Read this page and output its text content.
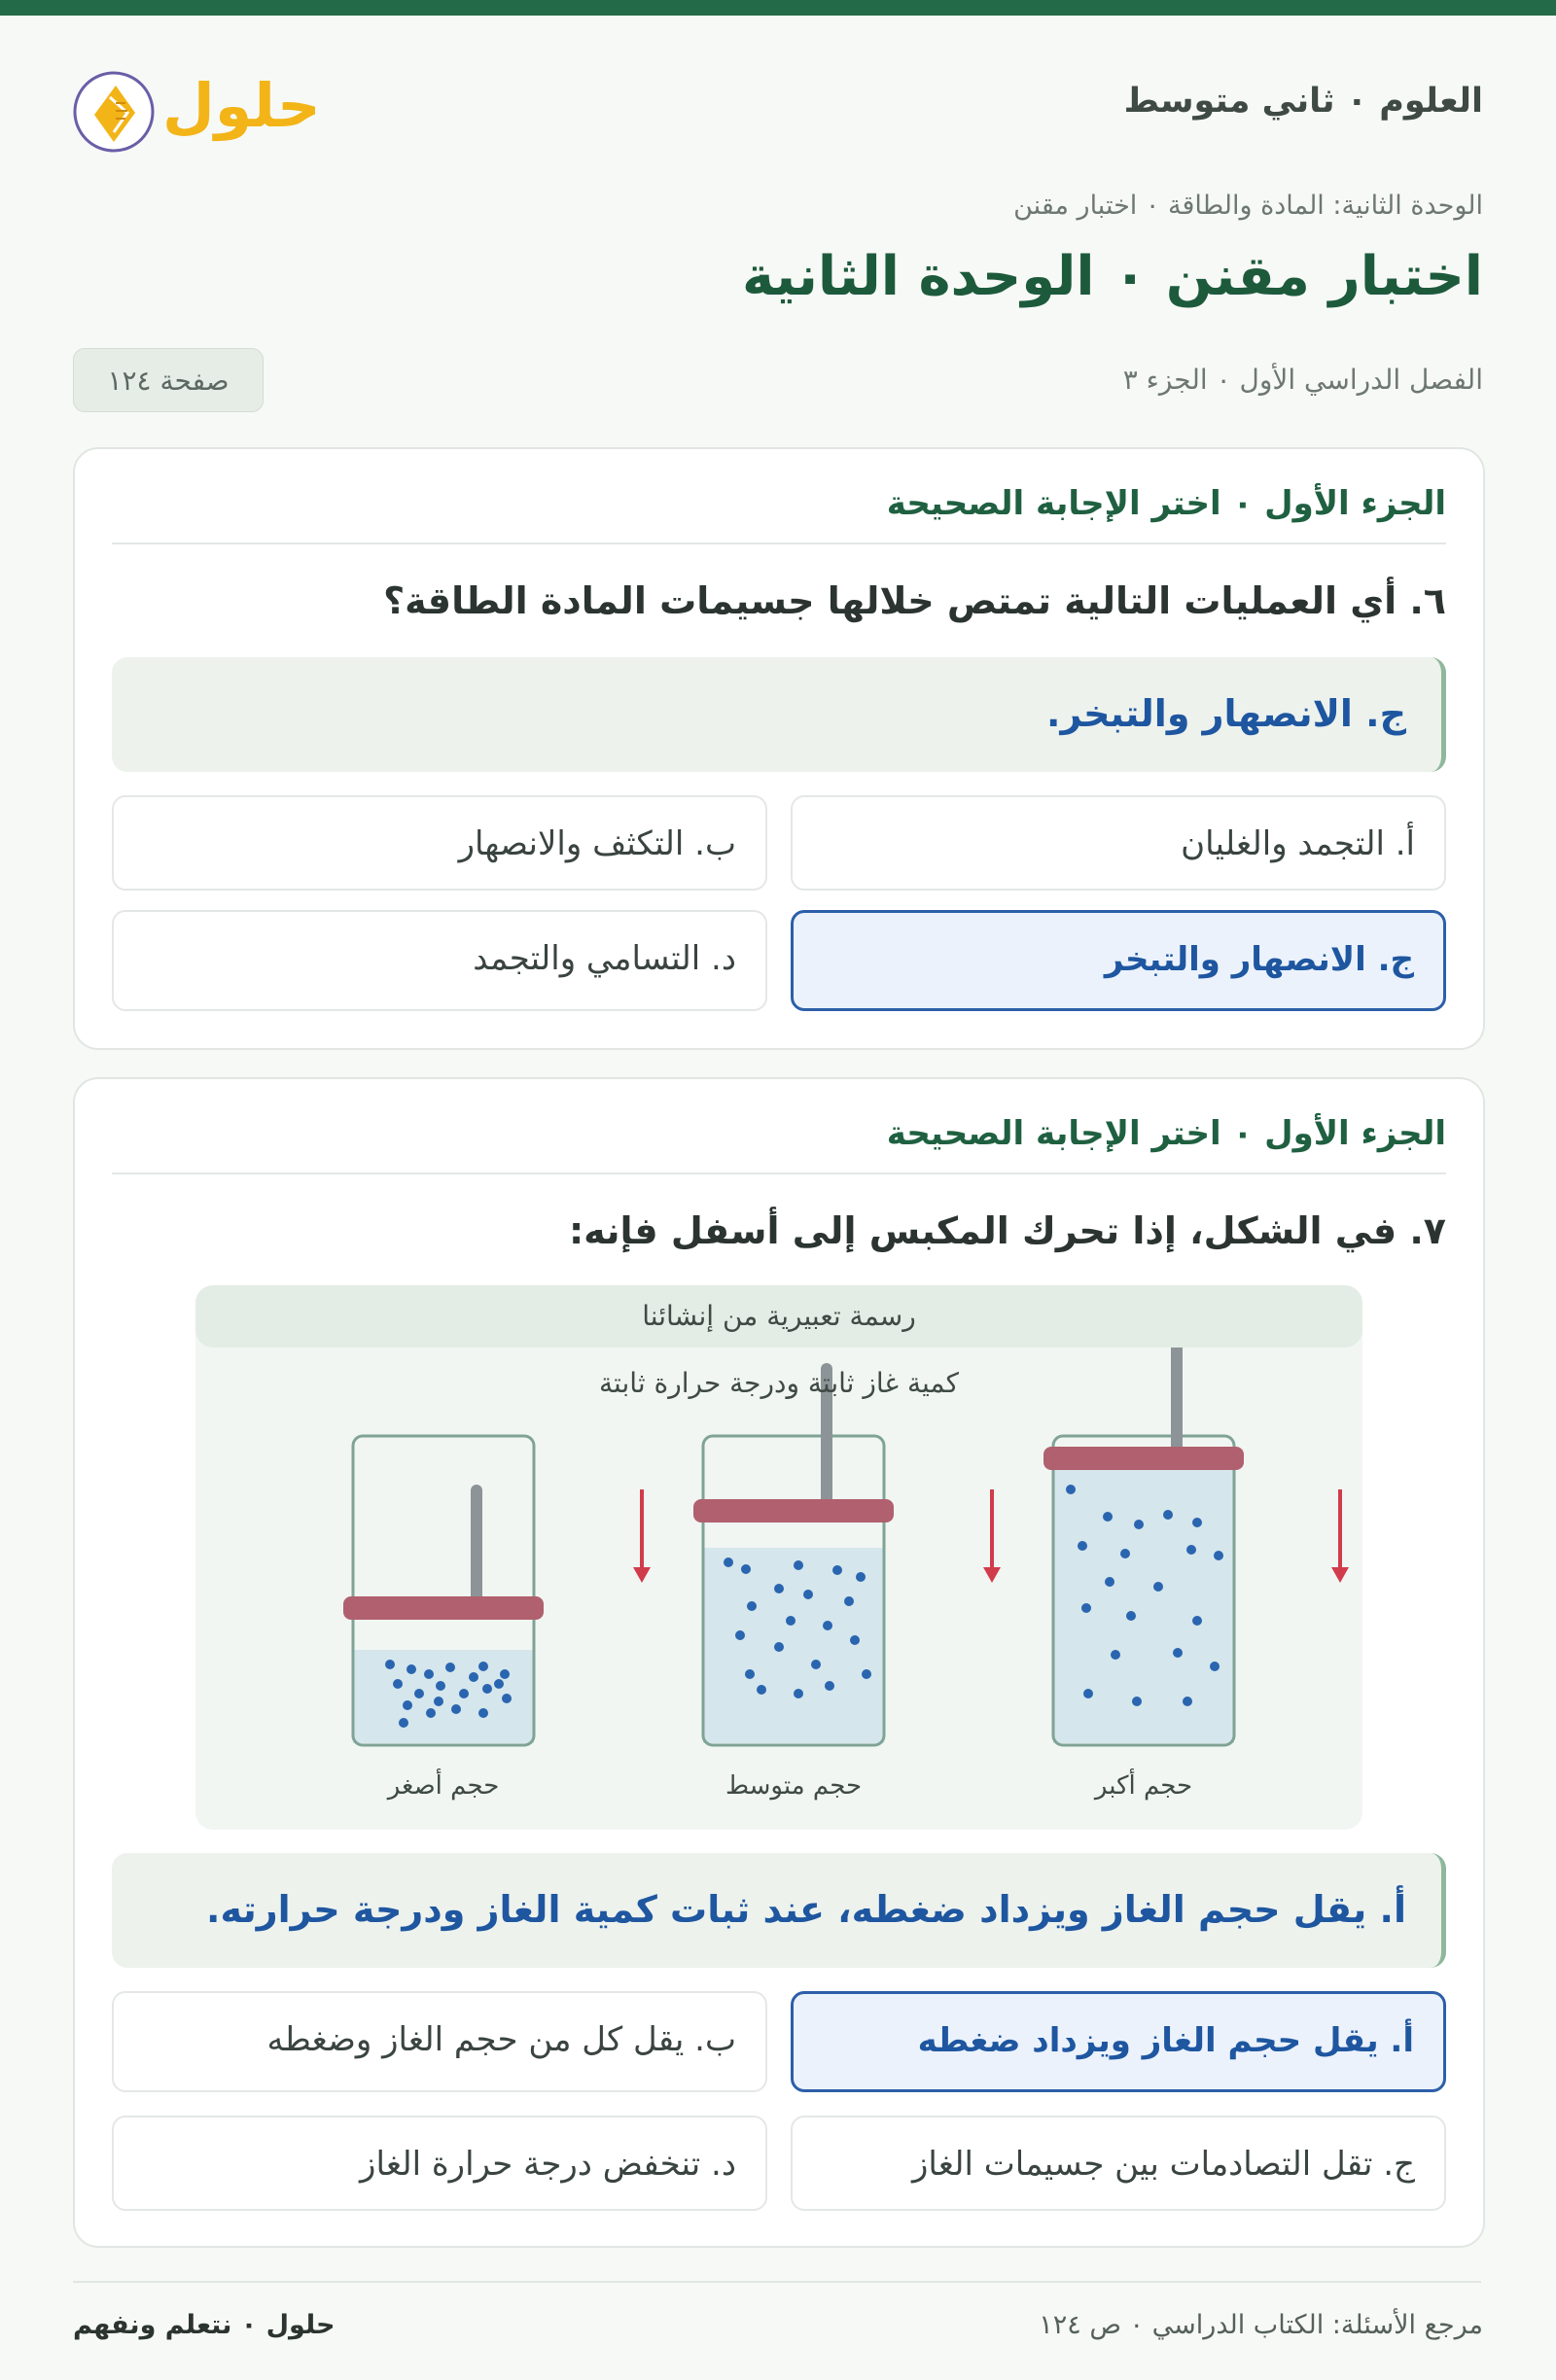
العلوم ٠ ثاني متوسط
حلول
الوحدة الثانية: المادة والطاقة ٠ اختبار مقنن
اختبار مقنن ٠ الوحدة الثانية
الفصل الدراسي الأول ٠ الجزء ٣
صفحة ١٢٤
الجزء الأول ٠ اختر الإجابة الصحيحة
٦. أي العمليات التالية تمتص خلالها جسيمات المادة الطاقة؟
ج. الانصهار والتبخر.
أ. التجمد والغليان
ب. التكثف والانصهار
ج. الانصهار والتبخر
د. التسامي والتجمد
الجزء الأول ٠ اختر الإجابة الصحيحة
٧. في الشكل، إذا تحرك المكبس إلى أسفل فإنه:
رسمة تعبيرية من إنشائنا
كمية غاز ثابتة ودرجة حرارة ثابتة
حجم أكبر
حجم متوسط
حجم أصغر
أ. يقل حجم الغاز ويزداد ضغطه، عند ثبات كمية الغاز ودرجة حرارته.
أ. يقل حجم الغاز ويزداد ضغطه
ب. يقل كل من حجم الغاز وضغطه
ج. تقل التصادمات بين جسيمات الغاز
د. تنخفض درجة حرارة الغاز
مرجع الأسئلة: الكتاب الدراسي ٠ ص ١٢٤
حلول ٠ نتعلم ونفهم
